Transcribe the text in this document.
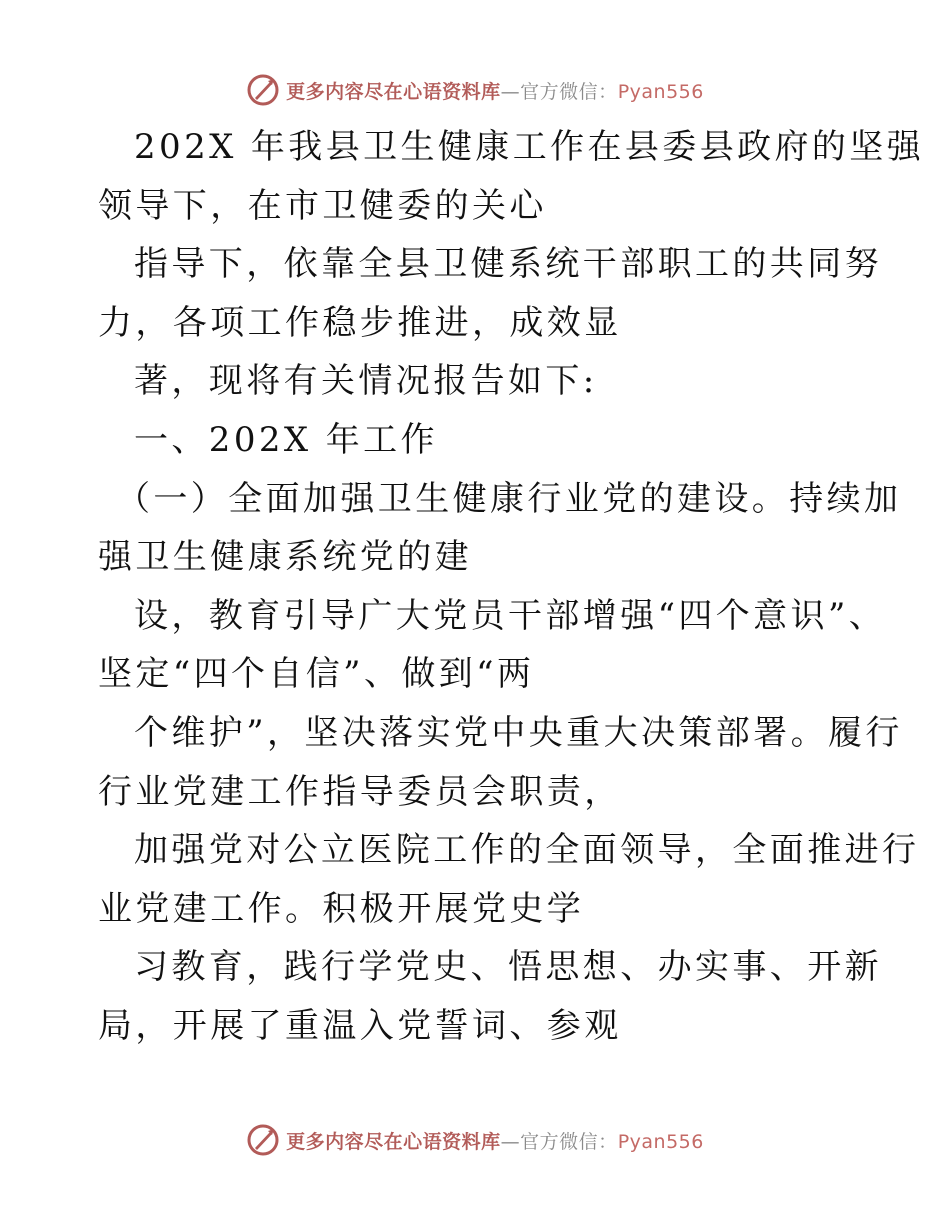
更多内容尽在心语资料库—官方微信：Pyan556
202X 年我县卫生健康工作在县委县政府的坚强
领导下，在市卫健委的关心
指导下，依靠全县卫健系统干部职工的共同努
力，各项工作稳步推进，成效显
著，现将有关情况报告如下:
一、202X 年工作
（一）全面加强卫生健康行业党的建设。持续加
强卫生健康系统党的建
设，教育引导广大党员干部增强“四个意识”、
坚定“四个自信”、做到“两
个维护”，坚决落实党中央重大决策部署。履行
行业党建工作指导委员会职责，
加强党对公立医院工作的全面领导，全面推进行
业党建工作。积极开展党史学
习教育，践行学党史、悟思想、办实事、开新
局，开展了重温入党誓词、参观
更多内容尽在心语资料库—官方微信：Pyan556
